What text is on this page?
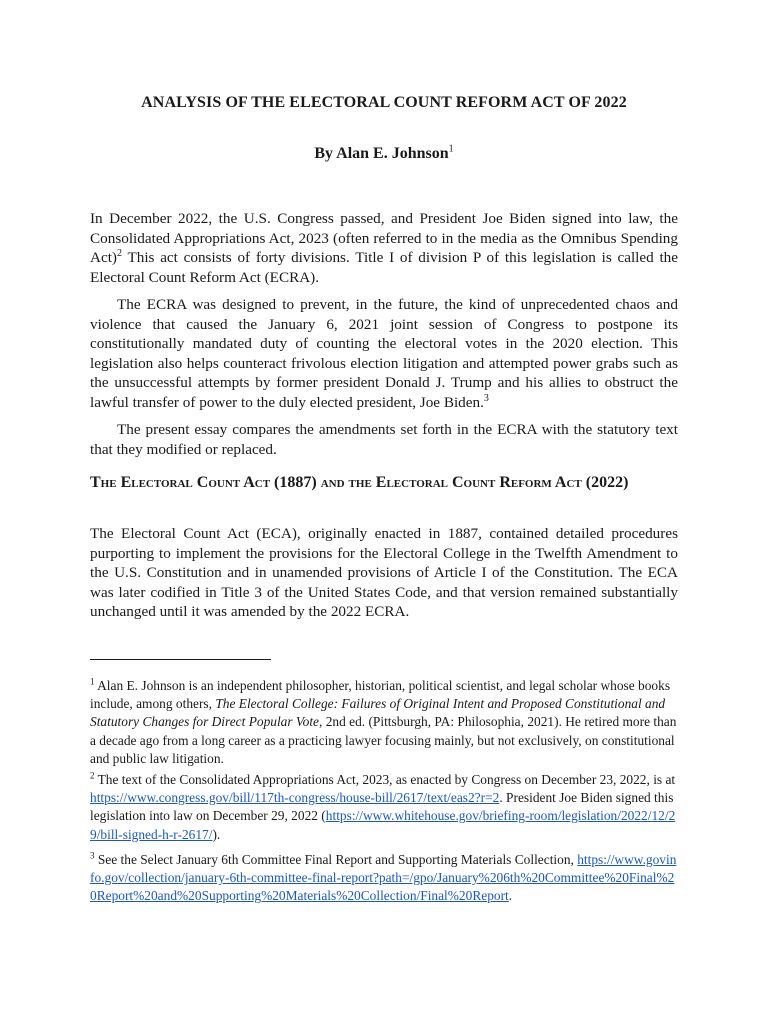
ANALYSIS OF THE ELECTORAL COUNT REFORM ACT OF 2022

By Alan E. Johnson$^1$

In December 2022, the U.S. Congress passed, and President Joe Biden signed into law, the Consolidated Appropriations Act, 2023 (often referred to in the media as the Omnibus Spending Act)$^2$ This act consists of forty divisions. Title I of division P of this legislation is called the Electoral Count Reform Act (ECRA).

The ECRA was designed to prevent, in the future, the kind of unprecedented chaos and violence that caused the January 6, 2021 joint session of Congress to postpone its constitutionally mandated duty of counting the electoral votes in the 2020 election. This legislation also helps counteract frivolous election litigation and attempted power grabs such as the unsuccessful attempts by former president Donald J. Trump and his allies to obstruct the lawful transfer of power to the duly elected president, Joe Biden.$^3$

The present essay compares the amendments set forth in the ECRA with the statutory text that they modified or replaced.

The Electoral Count Act (1887) and the Electoral Count Reform Act (2022)

The Electoral Count Act (ECA), originally enacted in 1887, contained detailed procedures purporting to implement the provisions for the Electoral College in the Twelfth Amendment to the U.S. Constitution and in unamended provisions of Article I of the Constitution. The ECA was later codified in Title 3 of the United States Code, and that version remained substantially unchanged until it was amended by the 2022 ECRA.

$^1$ Alan E. Johnson is an independent philosopher, historian, political scientist, and legal scholar whose books include, among others, The Electoral College: Failures of Original Intent and Proposed Constitutional and Statutory Changes for Direct Popular Vote, 2nd ed. (Pittsburgh, PA: Philosophia, 2021). He retired more than a decade ago from a long career as a practicing lawyer focusing mainly, but not exclusively, on constitutional and public law litigation.

$^2$ The text of the Consolidated Appropriations Act, 2023, as enacted by Congress on December 23, 2022, is at https://www.congress.gov/bill/117th-congress/house-bill/2617/text/eas2?r=2. President Joe Biden signed this legislation into law on December 29, 2022 (https://www.whitehouse.gov/briefing-room/legislation/2022/12/29/bill-signed-h-r-2617/).

$^3$ See the Select January 6th Committee Final Report and Supporting Materials Collection, https://www.govinfo.gov/collection/january-6th-committee-final-report?path=/gpo/January%206th%20Committee%20Final%20Report%20and%20Supporting%20Materials%20Collection/Final%20Report.
